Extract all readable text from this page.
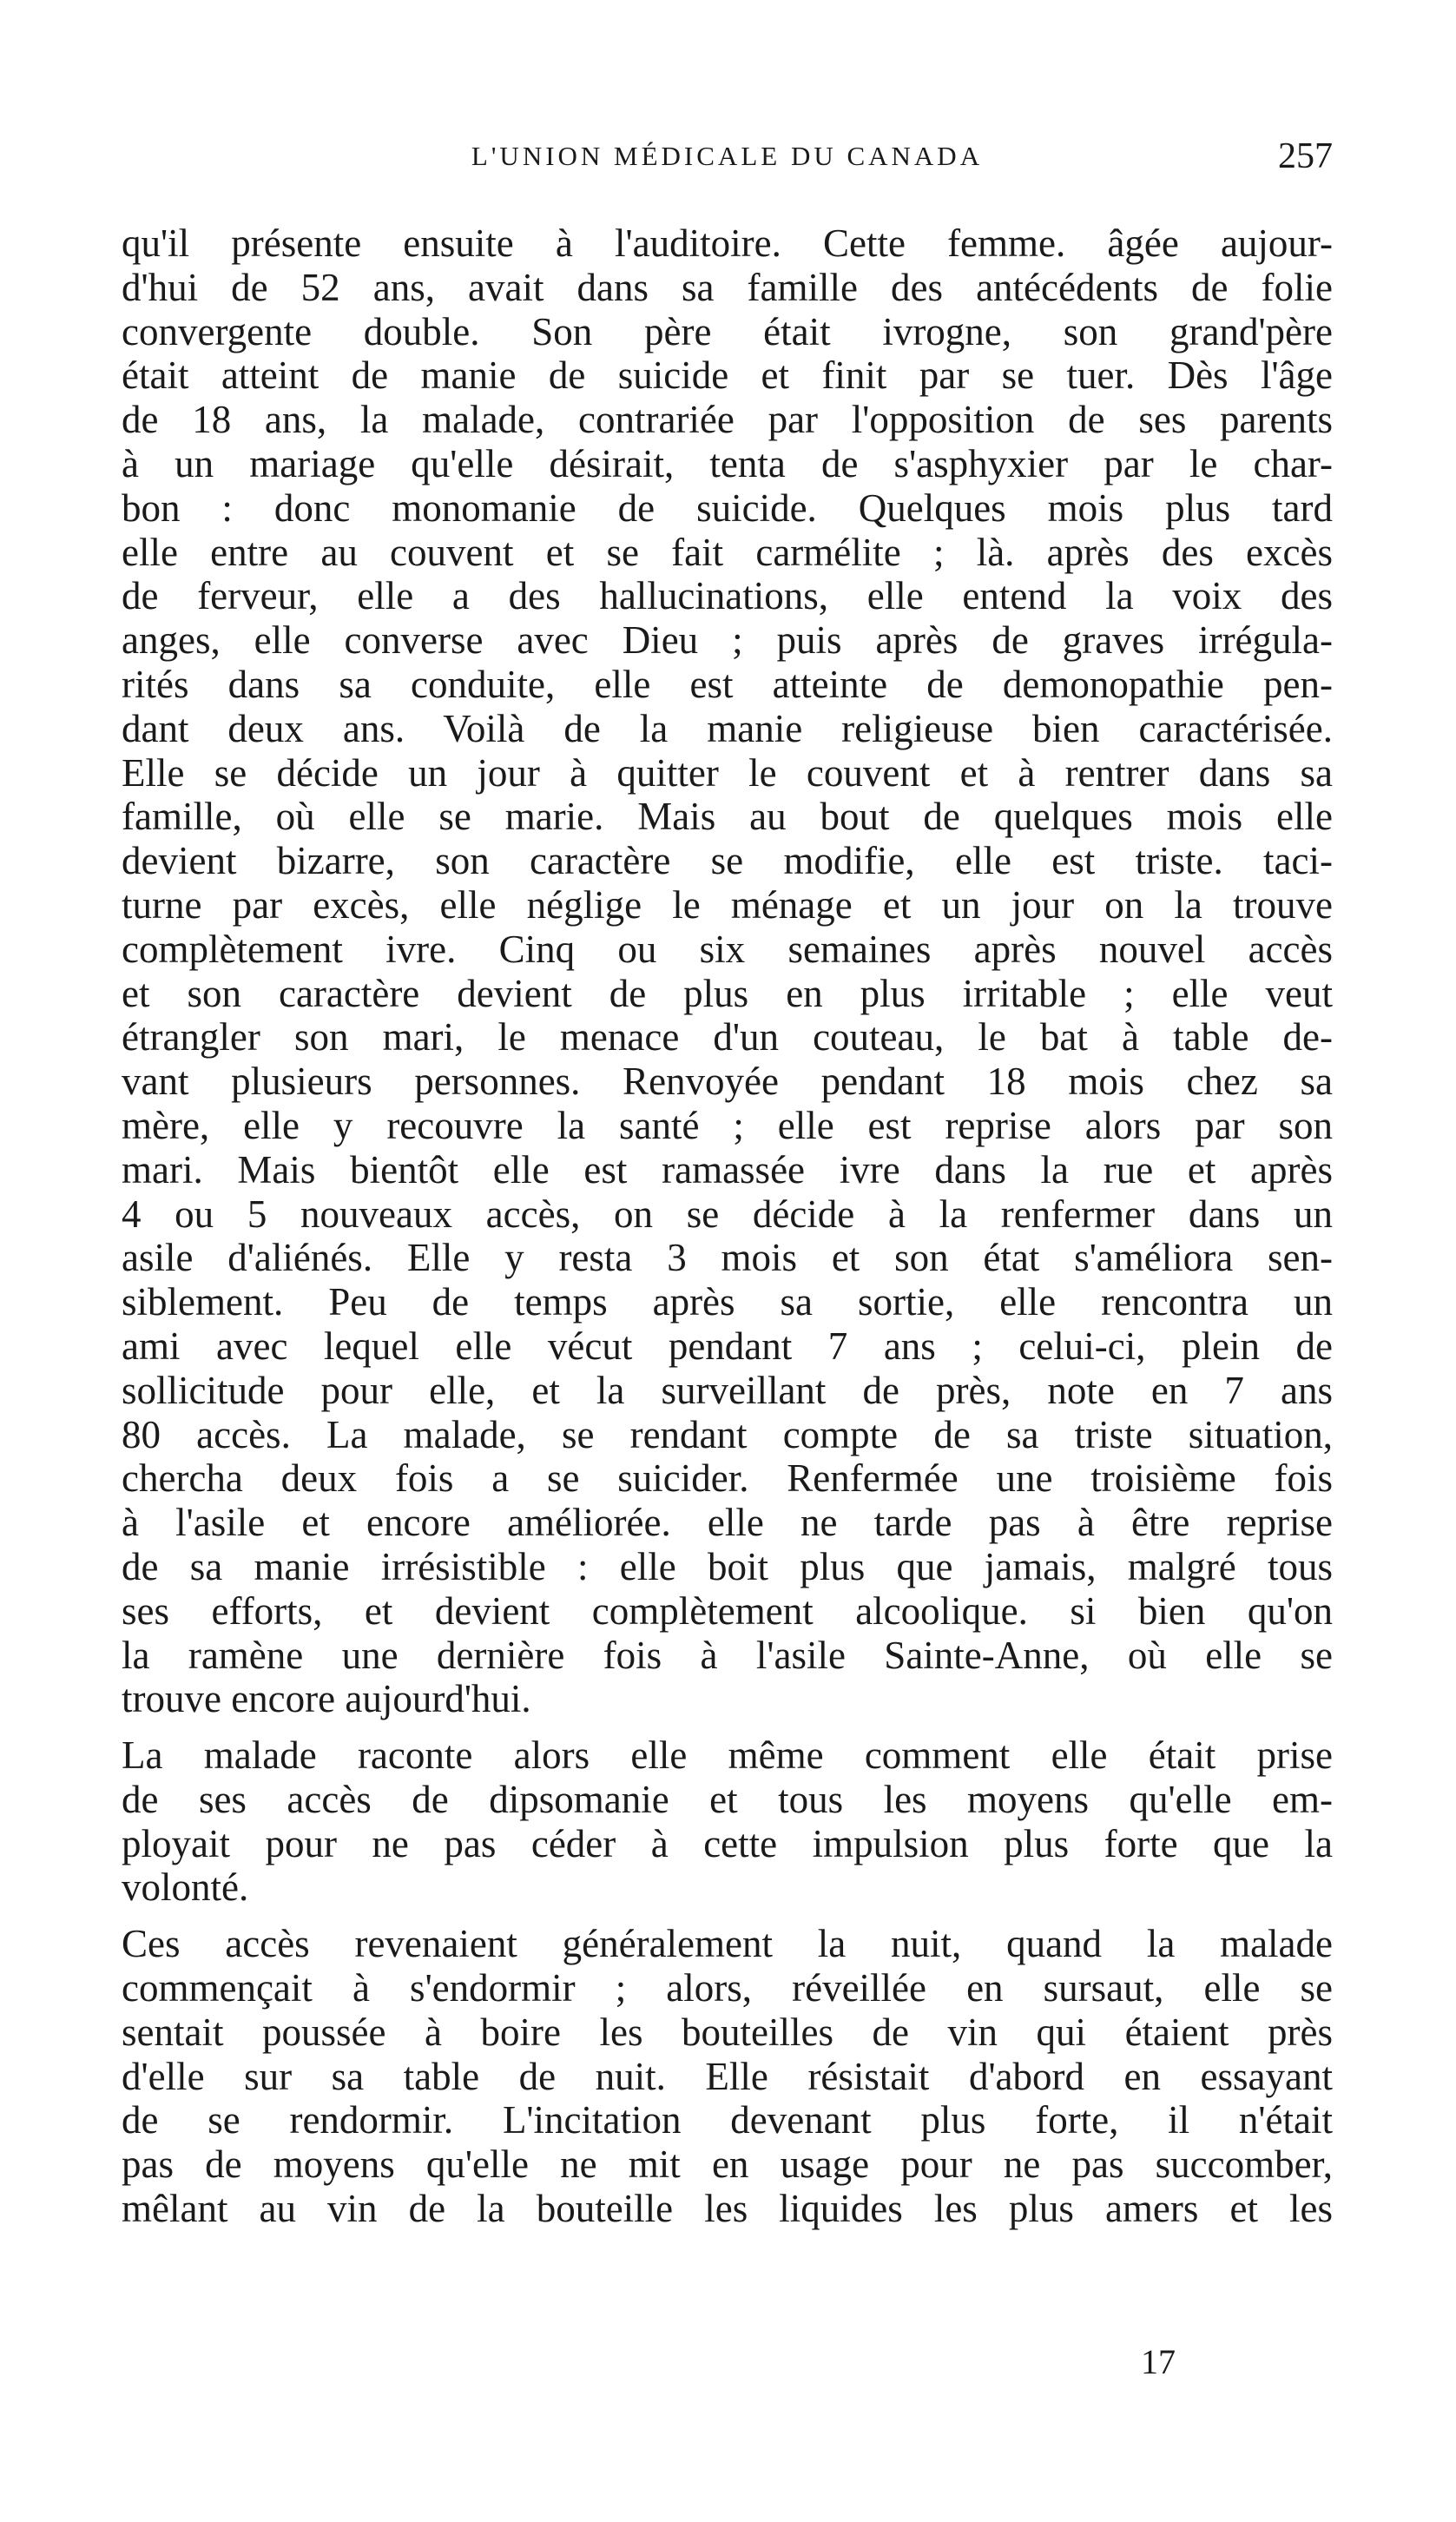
L'UNION MÉDICALE DU CANADA	257
qu'il présente ensuite à l'auditoire. Cette femme. âgée aujour-
d'hui de 52 ans, avait dans sa famille des antécédents de folie
convergente double. Son père était ivrogne, son grand'père
était atteint de manie de suicide et finit par se tuer. Dès l'âge
de 18 ans, la malade, contrariée par l'opposition de ses parents
à un mariage qu'elle désirait, tenta de s'asphyxier par le char-
bon : donc monomanie de suicide. Quelques mois plus tard
elle entre au couvent et se fait carmélite ; là. après des excès
de ferveur, elle a des hallucinations, elle entend la voix des
anges, elle converse avec Dieu ; puis après de graves irrégula-
rités dans sa conduite, elle est atteinte de demonopathie pen-
dant deux ans. Voilà de la manie religieuse bien caractérisée.
Elle se décide un jour à quitter le couvent et à rentrer dans sa
famille, où elle se marie. Mais au bout de quelques mois elle
devient bizarre, son caractère se modifie, elle est triste. taci-
turne par excès, elle néglige le ménage et un jour on la trouve
complètement ivre. Cinq ou six semaines après nouvel accès
et son caractère devient de plus en plus irritable ; elle veut
étrangler son mari, le menace d'un couteau, le bat à table de-
vant plusieurs personnes. Renvoyée pendant 18 mois chez sa
mère, elle y recouvre la santé ; elle est reprise alors par son
mari. Mais bientôt elle est ramassée ivre dans la rue et après
4 ou 5 nouveaux accès, on se décide à la renfermer dans un
asile d'aliénés. Elle y resta 3 mois et son état s'améliora sen-
siblement. Peu de temps après sa sortie, elle rencontra un
ami avec lequel elle vécut pendant 7 ans ; celui-ci, plein de
sollicitude pour elle, et la surveillant de près, note en 7 ans
80 accès. La malade, se rendant compte de sa triste situation,
chercha deux fois a se suicider. Renfermée une troisième fois
à l'asile et encore améliorée. elle ne tarde pas à être reprise
de sa manie irrésistible : elle boit plus que jamais, malgré tous
ses efforts, et devient complètement alcoolique. si bien qu'on
la ramène une dernière fois à l'asile Sainte-Anne, où elle se
trouve encore aujourd'hui.
La malade raconte alors elle même comment elle était prise
de ses accès de dipsomanie et tous les moyens qu'elle em-
ployait pour ne pas céder à cette impulsion plus forte que la
volonté.
Ces accès revenaient généralement la nuit, quand la malade
commençait à s'endormir ; alors, réveillée en sursaut, elle se
sentait poussée à boire les bouteilles de vin qui étaient près
d'elle sur sa table de nuit. Elle résistait d'abord en essayant
de se rendormir. L'incitation devenant plus forte, il n'était
pas de moyens qu'elle ne mit en usage pour ne pas succomber,
mêlant au vin de la bouteille les liquides les plus amers et les
17
